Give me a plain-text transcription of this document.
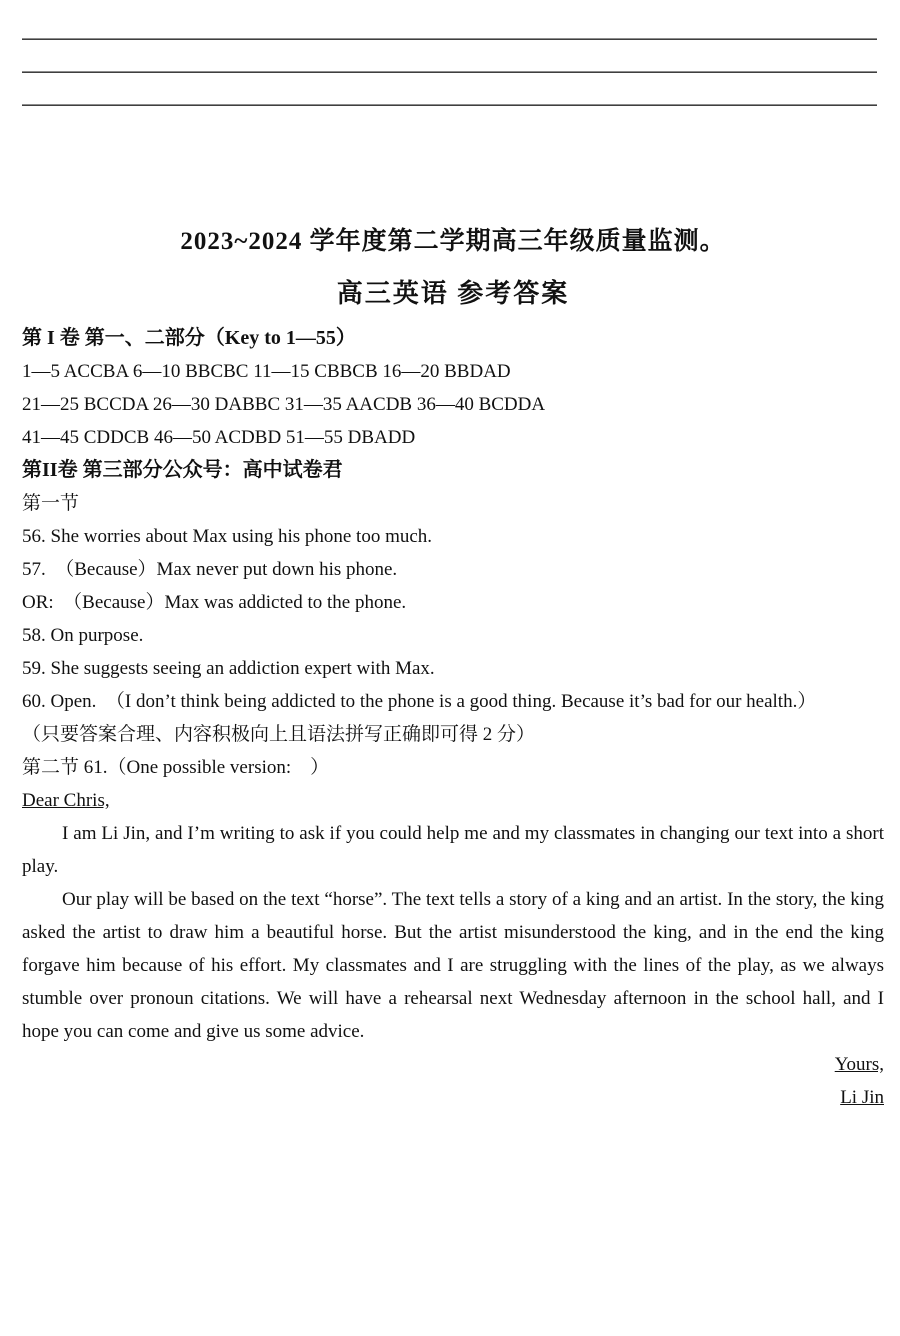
2023~2024 学年度第二学期高三年级质量监测。
高三英语 参考答案

第 I 卷 第一、二部分（Key to 1—55）

1—5 ACCBA 6—10 BBCBC 11—15 CBBCB 16—20 BBDAD

21—25 BCCDA 26—30 DABBC 31—35 AACDB 36—40 BCDDA

41—45 CDDCB 46—50 ACDBD 51—55 DBADD

第II卷 第三部分公众号：高中试卷君

第一节

56. She worries about Max using his phone too much.

57.　（Because）Max never put down his phone.

OR:　（Because）Max was addicted to the phone.

58. On purpose.

59. She suggests seeing an addiction expert with Max.

60. Open.　（I don’t think being addicted to the phone is a good thing. Because it’s bad for our health.）

（只要答案合理、内容积极向上且语法拼写正确即可得 2 分）

第二节 61.（One possible version:　）

Dear Chris,

I am Li Jin, and I’m writing to ask if you could help me and my classmates in changing our text into a short play.

Our play will be based on the text “horse”. The text tells a story of a king and an artist. In the story, the king asked the artist to draw him a beautiful horse. But the artist misunderstood the king, and in the end the king forgave him because of his effort. My classmates and I are struggling with the lines of the play, as we always stumble over pronoun citations. We will have a rehearsal next Wednesday afternoon in the school hall, and I hope you can come and give us some advice.

Yours,

Li Jin
